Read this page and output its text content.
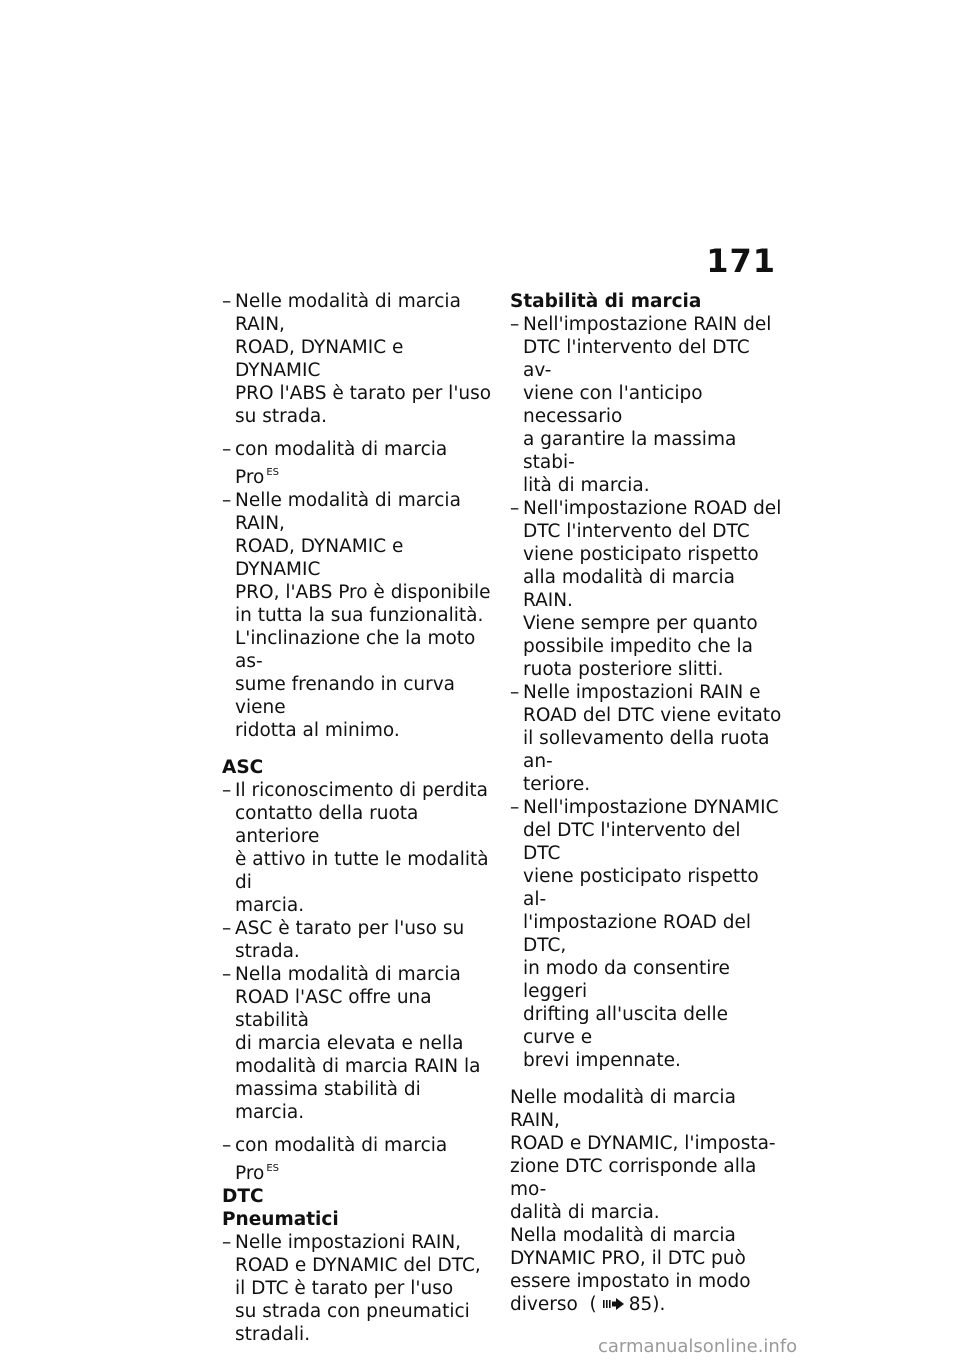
171
– Nelle modalità di marcia RAIN,
ROAD, DYNAMIC e DYNAMIC
PRO l'ABS è tarato per l'uso
su strada.
– con modalità di marcia Pro $^{ES}$
– Nelle modalità di marcia RAIN,
ROAD, DYNAMIC e DYNAMIC
PRO, l'ABS Pro è disponibile
in tutta la sua funzionalità.
L'inclinazione che la moto as-
sume frenando in curva viene
ridotta al minimo.
ASC
– Il riconoscimento di perdita
contatto della ruota anteriore
è attivo in tutte le modalità di
marcia.
– ASC è tarato per l'uso su
strada.
– Nella modalità di marcia
ROAD l'ASC offre una stabilità
di marcia elevata e nella
modalità di marcia RAIN la
massima stabilità di marcia.
– con modalità di marcia Pro $^{ES}$
DTC
Pneumatici
– Nelle impostazioni RAIN,
ROAD e DYNAMIC del DTC,
il DTC è tarato per l'uso
su strada con pneumatici
stradali.
Stabilità di marcia
– Nell'impostazione RAIN del
DTC l'intervento del DTC av-
viene con l'anticipo necessario
a garantire la massima stabi-
lità di marcia.
– Nell'impostazione ROAD del
DTC l'intervento del DTC
viene posticipato rispetto
alla modalità di marcia RAIN.
Viene sempre per quanto
possibile impedito che la
ruota posteriore slitti.
– Nelle impostazioni RAIN e
ROAD del DTC viene evitato
il sollevamento della ruota an-
teriore.
– Nell'impostazione DYNAMIC
del DTC l'intervento del DTC
viene posticipato rispetto al-
l'impostazione ROAD del DTC,
in modo da consentire leggeri
drifting all'uscita delle curve e
brevi impennate.
Nelle modalità di marcia RAIN,
ROAD e DYNAMIC, l'imposta-
zione DTC corrisponde alla mo-
dalità di marcia.
Nella modalità di marcia
DYNAMIC PRO, il DTC può
essere impostato in modo
diverso ( 85).
carmanualsonline.info
